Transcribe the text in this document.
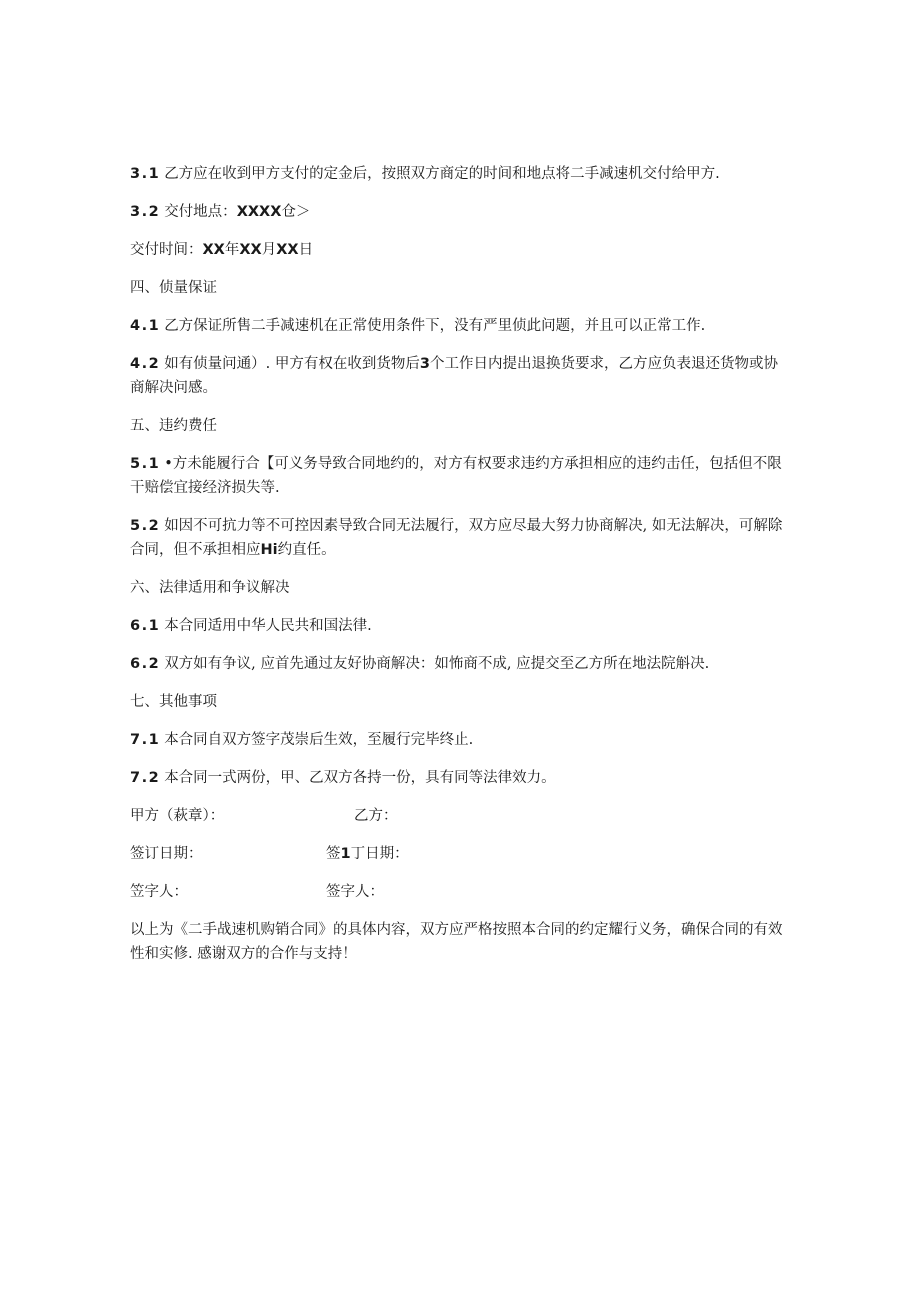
3.1 乙方应在收到甲方支付的定金后，按照双方商定的时间和地点将二手减速机交付给甲方.

3.2 交付地点：XXXX仓＞

交付时间：XX年XX月XX日

四、侦量保证

4.1 乙方保证所售二手减速机在正常使用条件下，没有严里侦此问题，并且可以正常工作.

4.2 如有侦量问通）. 甲方有权在收到货物后3个工作日内提出退换货要求，乙方应负表退还货物或协商解决问感。

五、违约费任

5.1 •方未能履行合【可义务导致合同地约的，对方有权要求违约方承担相应的违约击任，包括但不限干赔偿宜接经济损失等.

5.2 如因不可抗力等不可控因素导致合同无法履行，双方应尽最大努力协商解决, 如无法解决，可解除合同，但不承担相应Hi约直任。

六、法律适用和争议解决

6.1 本合同适用中华人民共和国法律.

6.2 双方如有争议, 应首先通过友好协商解决：如怖商不成, 应提交至乙方所在地法院斛决.

七、其他事项

7.1 本合同自双方签字茂崇后生效，至履行完毕终止.

7.2 本合同一式两份，甲、乙双方各持一份，具有同等法律效力。

甲方（萩章）：	乙方：
签订日期：	签1丁日期：
笠字人：	签字人：

以上为《二手战速机购销合同》的具体内容，双方应严格按照本合同的约定耀行义务，确保合同的有效性和实修. 感谢双方的合作与支持！
